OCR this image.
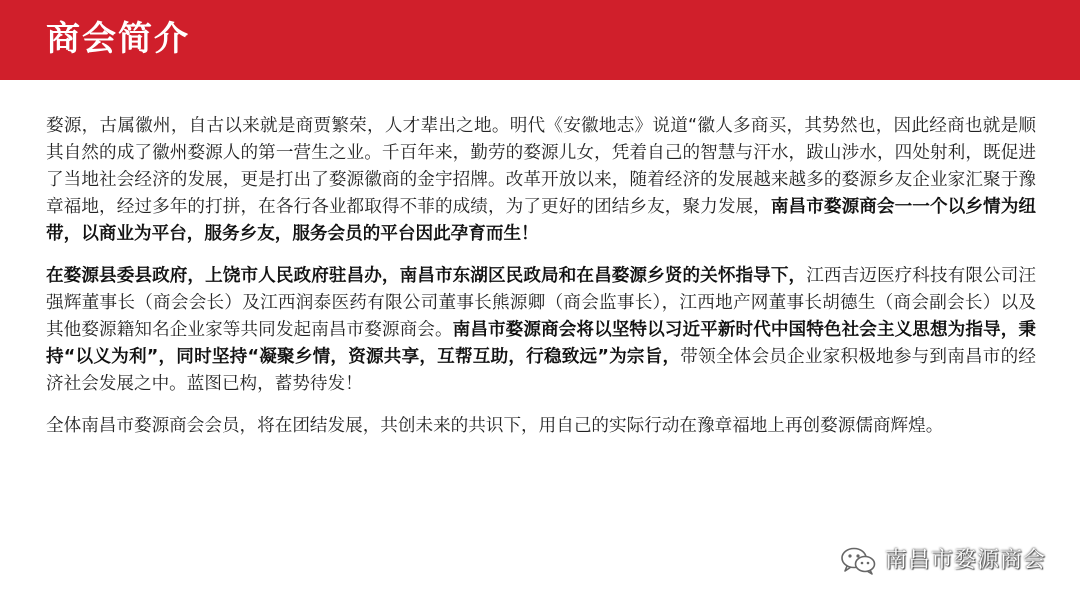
商会简介

婺源，古属徽州，自古以来就是商贾繁荣，人才辈出之地。明代《安徽地志》说道“徽人多商买，其势然也，因此经商也就是顺其自然的成了徽州婺源人的第一营生之业。千百年来，勤劳的婺源儿女，凭着自己的智慧与汗水，跋山涉水，四处射利，既促进了当地社会经济的发展，更是打出了婺源徽商的金宇招牌。改革开放以来，随着经济的发展越来越多的婺源乡友企业家汇聚于豫章福地，经过多年的打拼，在各行各业都取得不菲的成绩，为了更好的团结乡友，聚力发展，南昌市婺源商会一一个以乡情为纽带，以商业为平台，服务乡友，服务会员的平台因此孕育而生！

在婺源县委县政府，上饶市人民政府驻昌办，南昌市东湖区民政局和在昌婺源乡贤的关怀指导下，江西吉迈医疗科技有限公司汪强辉董事长（商会会长）及江西润泰医药有限公司董事长熊源卿（商会监事长），江西地产网董事长胡德生（商会副会长）以及其他婺源籍知名企业家等共同发起南昌市婺源商会。南昌市婺源商会将以坚特以习近平新时代中国特色社会主义思想为指导，秉持“以义为利”，同时坚持“凝聚乡情，资源共享，互帮互助，行稳致远”为宗旨，带领全体会员企业家积极地参与到南昌市的经济社会发展之中。蓝图已构，蓄势待发！

全体南昌市婺源商会会员，将在团结发展，共创未来的共识下，用自己的实际行动在豫章福地上再创婺源儒商辉煌。

南昌市婺源商会
